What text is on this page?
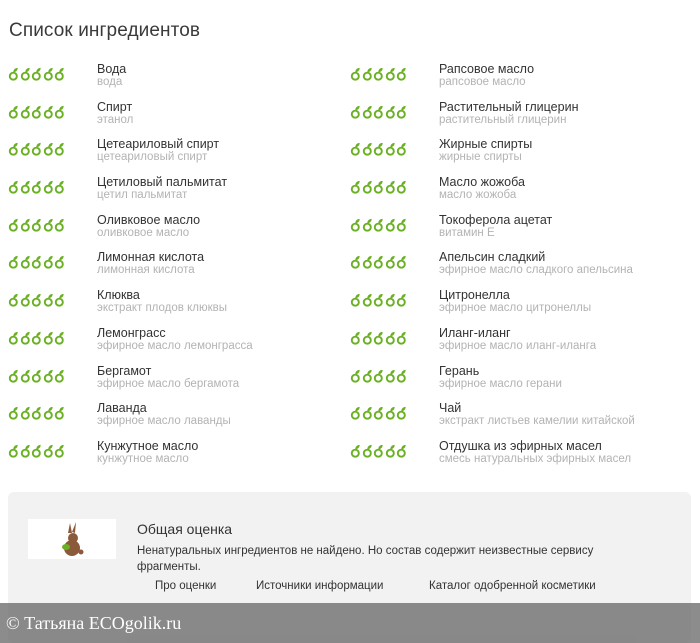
Список ингредиентов
Вода
вода
Спирт
этанол
Цетеариловый спирт
цетеариловый спирт
Цетиловый пальмитат
цетил пальмитат
Оливковое масло
оливковое масло
Лимонная кислота
лимонная кислота
Клюква
экстракт плодов клюквы
Лемонграсс
эфирное масло лемонграсса
Бергамот
эфирное масло бергамота
Лаванда
эфирное масло лаванды
Кунжутное масло
кунжутное масло
Рапсовое масло
рапсовое масло
Растительный глицерин
растительный глицерин
Жирные спирты
жирные спирты
Масло жожоба
масло жожоба
Токоферола ацетат
витамин Е
Апельсин сладкий
эфирное масло сладкого апельсина
Цитронелла
эфирное масло цитронеллы
Иланг-иланг
эфирное масло иланг-иланга
Герань
эфирное масло герани
Чай
экстракт листьев камелии китайской
Отдушка из эфирных масел
смесь натуральных эфирных масел
Общая оценка
Ненатуральных ингредиентов не найдено. Но состав содержит неизвестные сервису фрагменты.
Про оценки	Источники информации	Каталог одобренной косметики
© Татьяна ECOgolik.ru
